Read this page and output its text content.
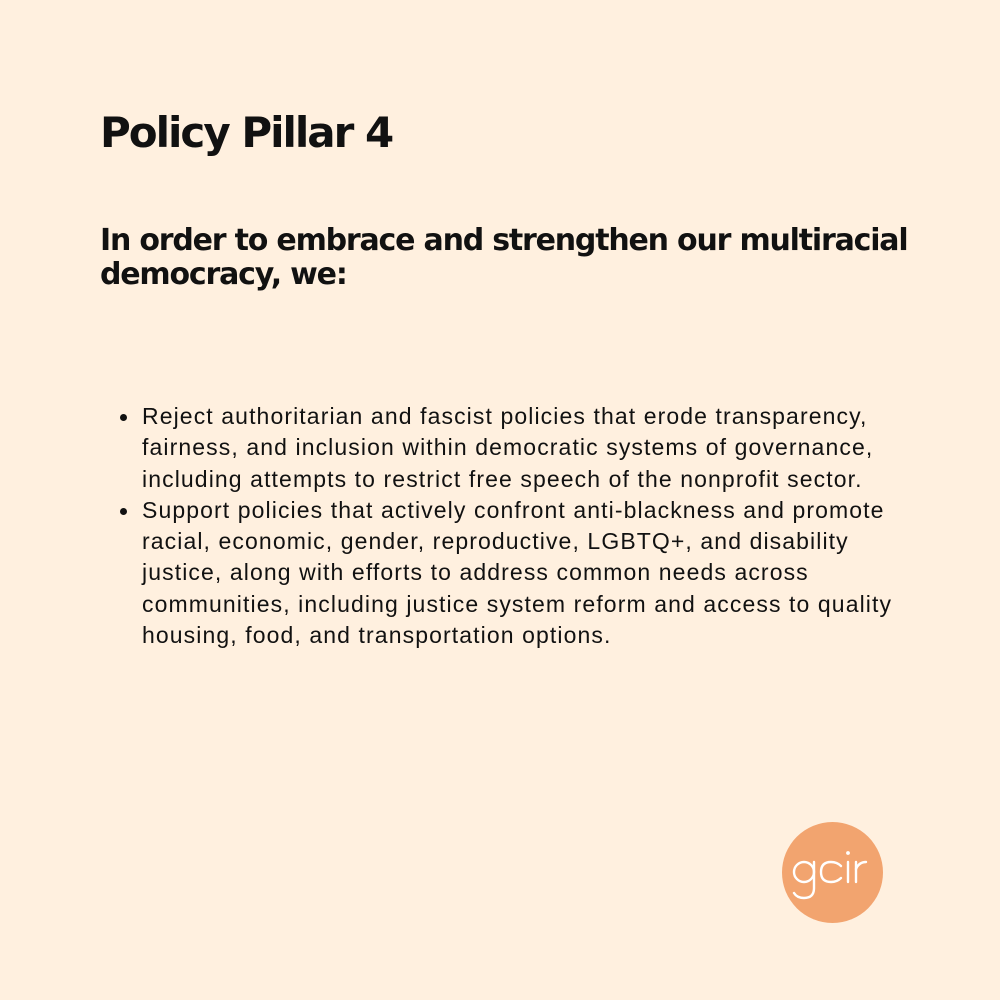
Policy Pillar 4
In order to embrace and strengthen our multiracial democracy, we:
Reject authoritarian and fascist policies that erode transparency, fairness, and inclusion within democratic systems of governance, including attempts to restrict free speech of the nonprofit sector.
Support policies that actively confront anti-blackness and promote racial, economic, gender, reproductive, LGBTQ+, and disability justice, along with efforts to address common needs across communities, including justice system reform and access to quality housing, food, and transportation options.
